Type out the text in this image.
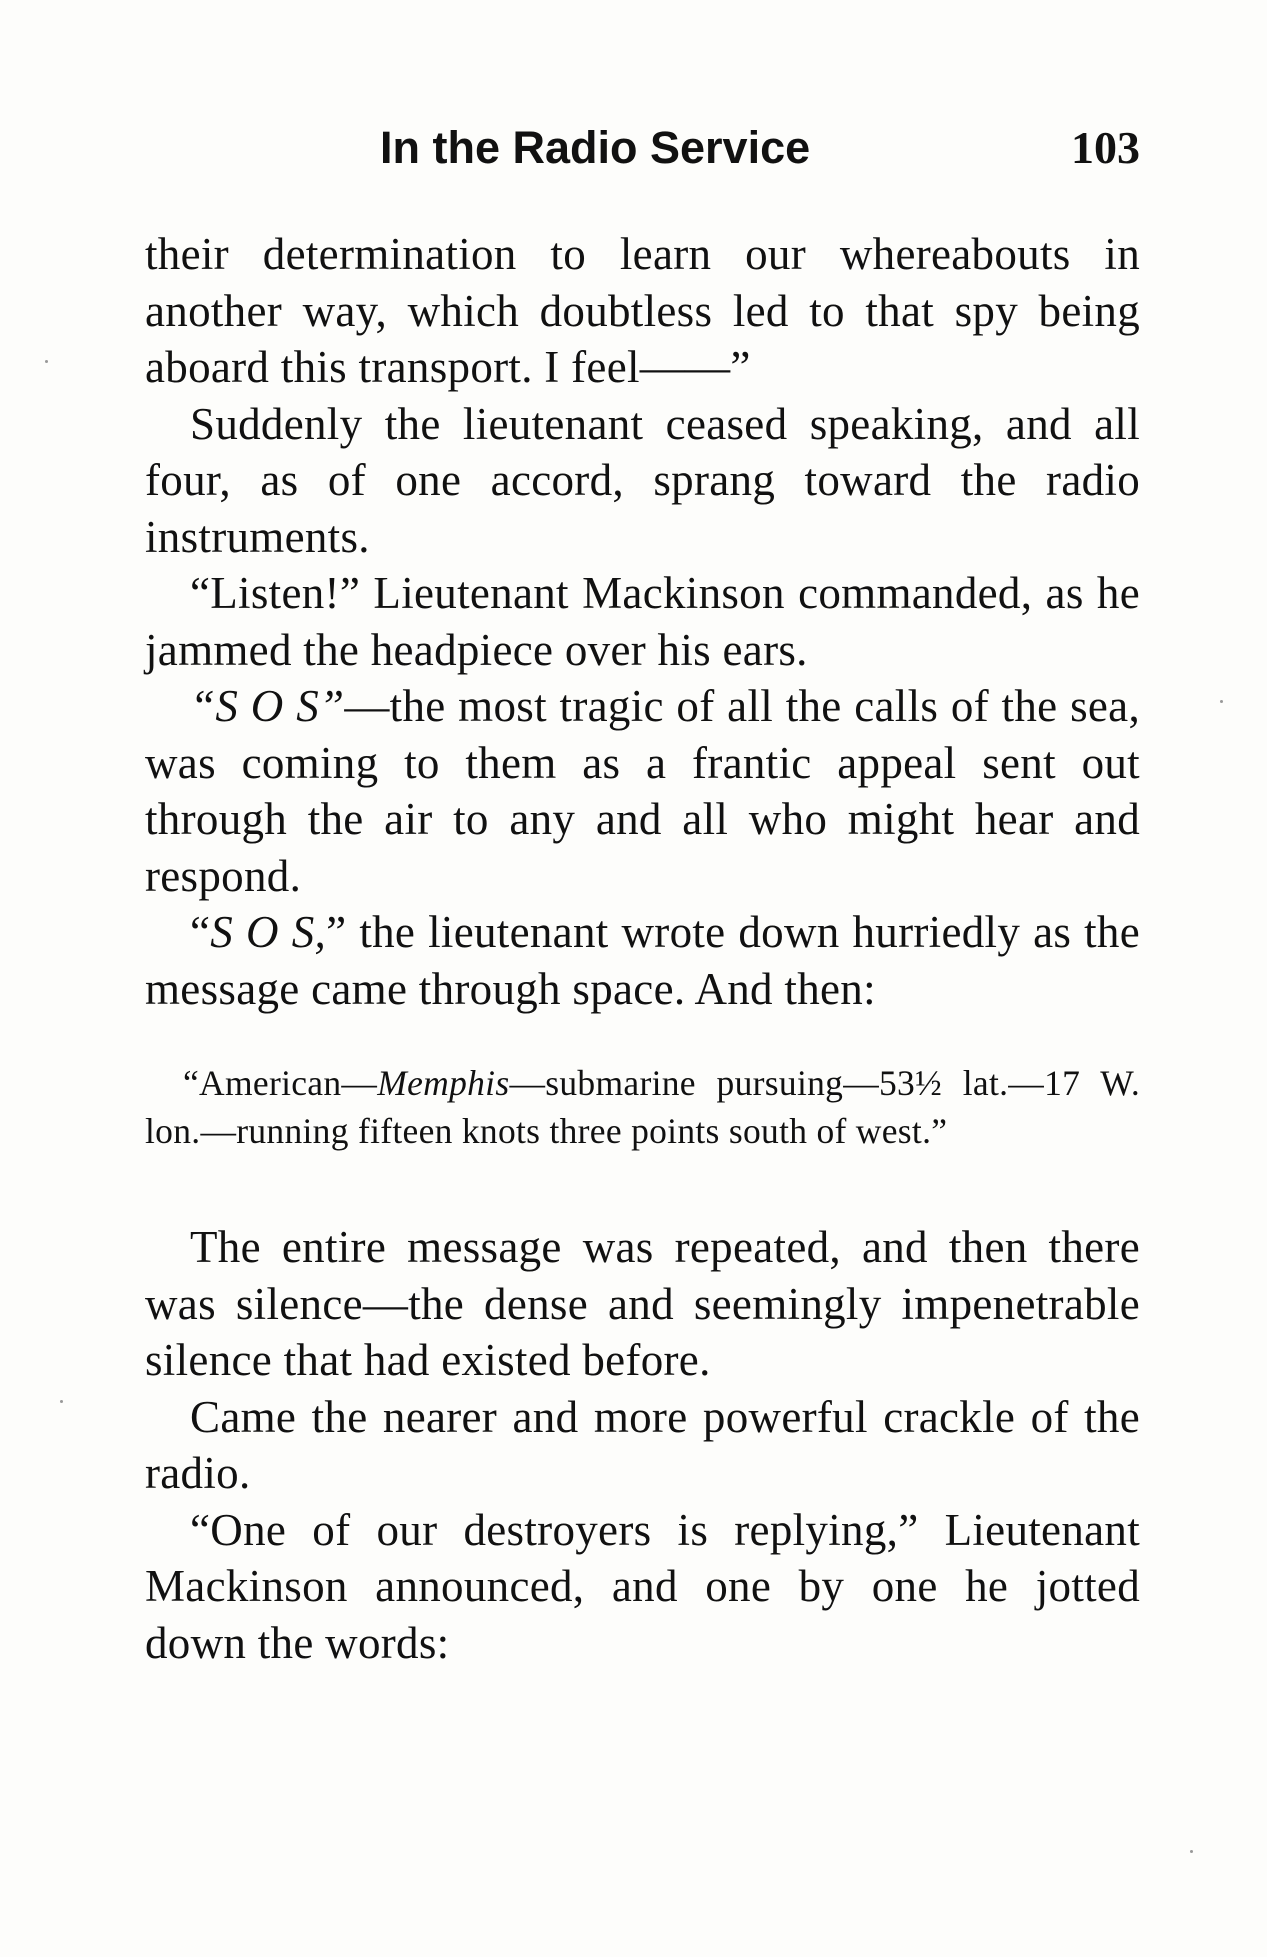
In the Radio Service	103

their determination to learn our whereabouts in another way, which doubtless led to that spy being aboard this transport. I feel——”

Suddenly the lieutenant ceased speaking, and all four, as of one accord, sprang toward the radio instruments.

“Listen!” Lieutenant Mackinson commanded, as he jammed the headpiece over his ears.

“S O S”—the most tragic of all the calls of the sea, was coming to them as a frantic appeal sent out through the air to any and all who might hear and respond.

“S O S,” the lieutenant wrote down hurriedly as the message came through space. And then:

“American—Memphis—submarine pursuing—53½ lat.—17 W. lon.—running fifteen knots three points south of west.”

The entire message was repeated, and then there was silence—the dense and seemingly impenetrable silence that had existed before.

Came the nearer and more powerful crackle of the radio.

“One of our destroyers is replying,” Lieutenant Mackinson announced, and one by one he jotted down the words:
